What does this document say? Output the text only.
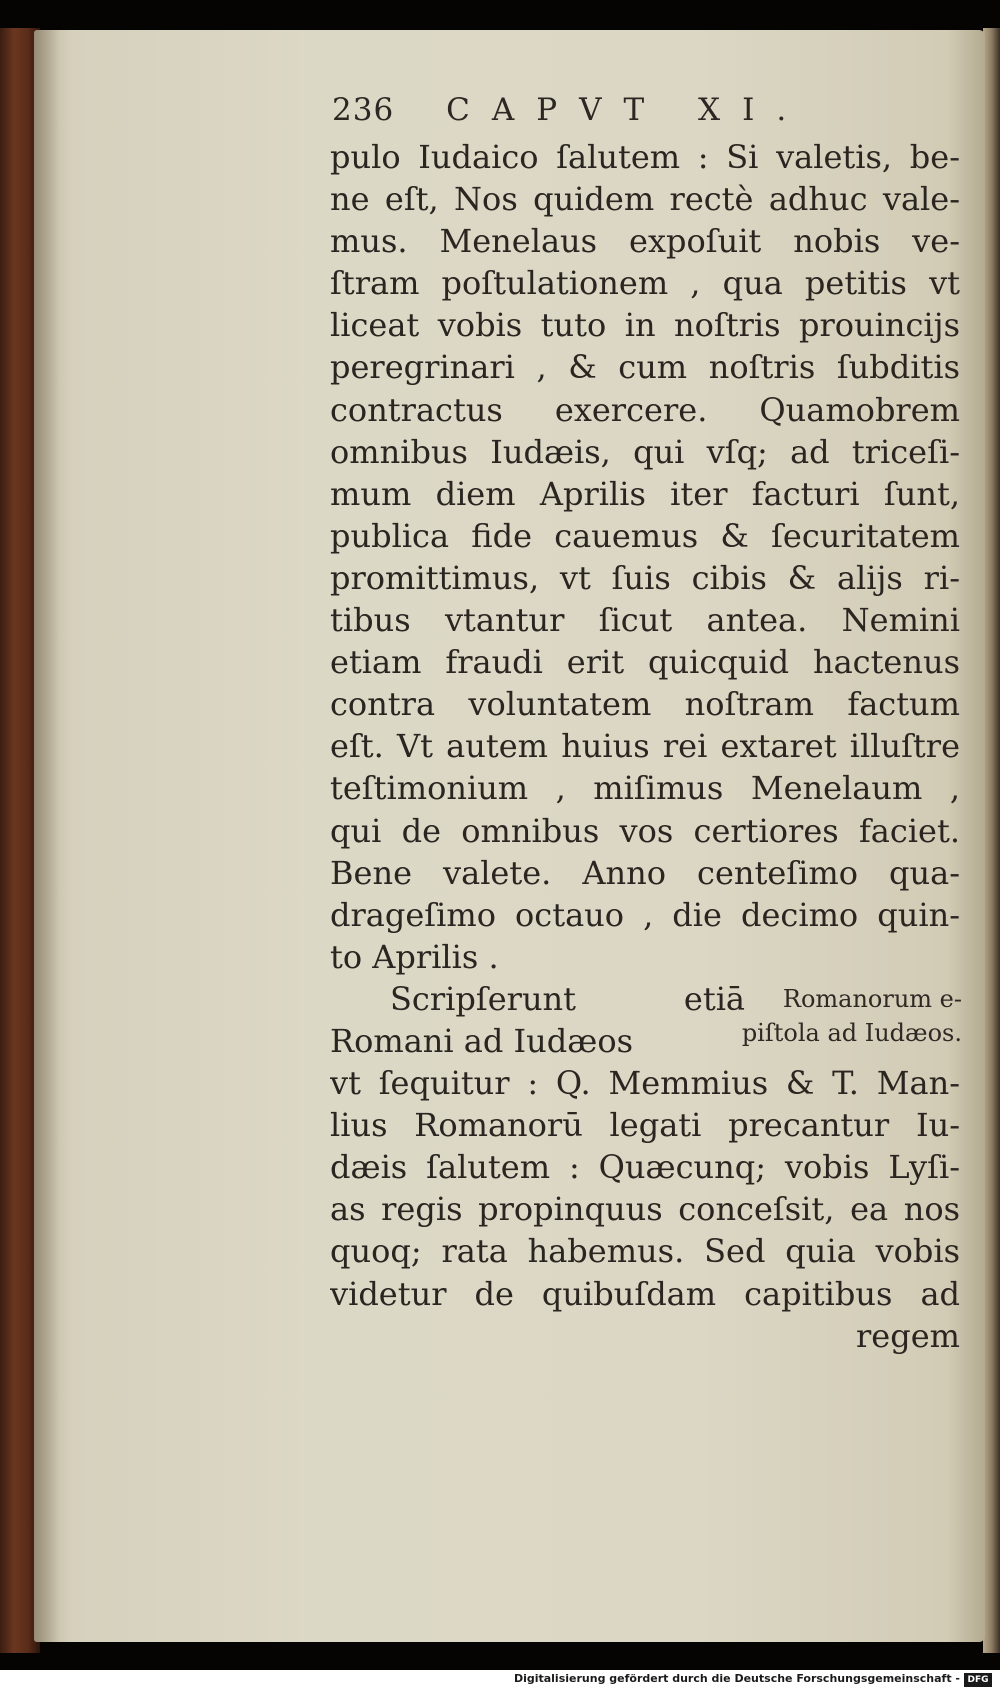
236 CAPVT XI.
pulo Iudaico ſalutem : Si valetis, be-
ne eſt, Nos quidem rectè adhuc vale-
mus. Menelaus expoſuit nobis ve-
ſtram poſtulationem , qua petitis vt
liceat vobis tuto in noſtris prouincijs
peregrinari , & cum noſtris ſubditis
contractus exercere. Quamobrem
omnibus Iudæis, qui vſq; ad triceſi-
mum diem Aprilis iter facturi ſunt,
publica fide cauemus & ſecuritatem
promittimus, vt ſuis cibis & alijs ri-
tibus vtantur ſicut antea. Nemini
etiam fraudi erit quicquid hactenus
contra voluntatem noſtram factum
eſt. Vt autem huius rei extaret illuſtre
teſtimonium , miſimus Menelaum ,
qui de omnibus vos certiores faciet.
Bene valete. Anno centeſimo qua-
drageſimo octauo , die decimo quin-
to Aprilis .
Scripſerunt etiā
Romani ad Iudæos
vt ſequitur : Q. Memmius & T. Man-
lius Romanorū legati precantur Iu-
dæis ſalutem : Quæcunq; vobis Lyſi-
as regis propinquus conceſsit, ea nos
quoq; rata habemus. Sed quia vobis
videtur de quibuſdam capitibus ad
regem
Romanorum e-
piſtola ad Iudæos.
Digitalisierung gefördert durch die Deutsche Forschungsgemeinschaft - DFG
